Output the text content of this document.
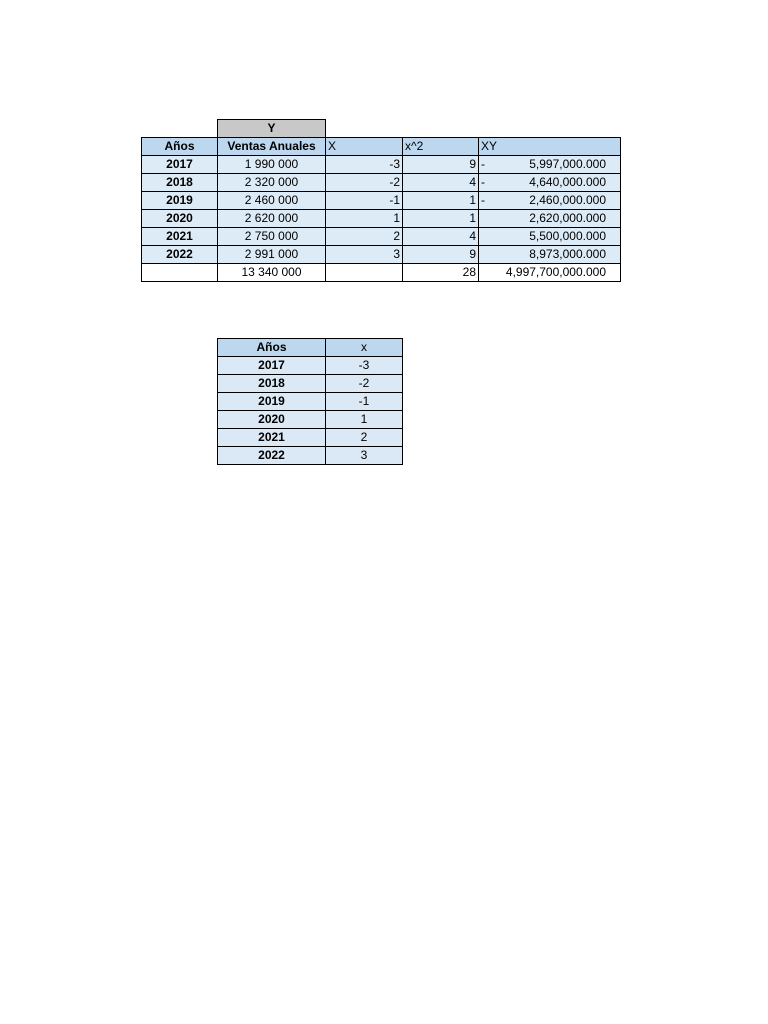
	Y			
Años	Ventas Anuales	X	x^2	XY
2017	1 990 000	-3	9	- 5,997,000.000

2018	2 320 000	-2	4	- 4,640,000.000

2019	2 460 000	-1	1	- 2,460,000.000

2020	2 620 000	1	1	2,620,000.000

2021	2 750 000	2	4	5,500,000.000

2022	2 991 000	3	9	8,973,000.000

	13 340 000		28	4,997,700,000.000
Años	x
2017	-3
2018	-2
2019	-1
2020	1
2021	2
2022	3
